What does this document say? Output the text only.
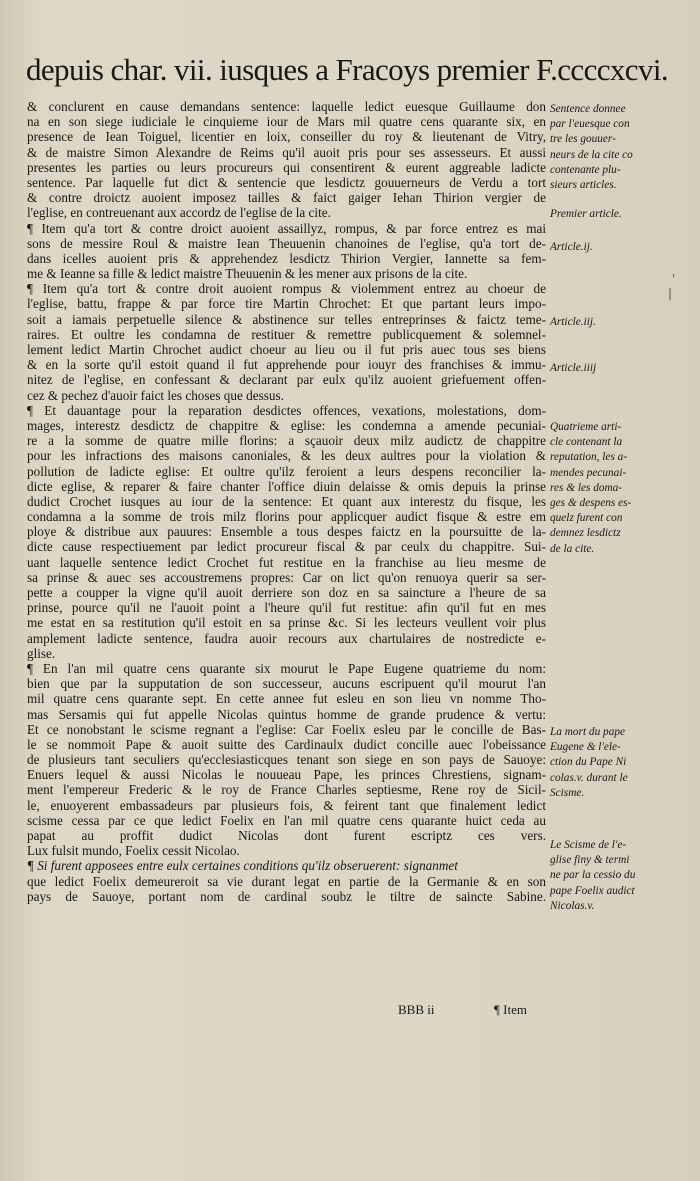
depuis char. vii. iusques a Fracoys premier F.ccccxcvi.
& conclurent en cause demandans sentence: laquelle ledict euesque Guillaume don
na en son siege iudiciale le cinquieme iour de Mars mil quatre cens quarante six, en
presence de Iean Toiguel, licentier en loix, conseiller du roy & lieutenant de Vitry,
& de maistre Simon Alexandre de Reims qu'il auoit pris pour ses assesseurs. Et aussi
presentes les parties ou leurs procureurs qui consentirent & eurent aggreable ladicte
sentence. Par laquelle fut dict & sentencie que lesdictz gouuerneurs de Verdu a tort
& contre droictz auoient imposez tailles & faict gaiger Iehan Thirion vergier de
l'eglise, en contreuenant aux accordz de l'eglise de la cite.
¶ Item qu'a tort & contre droict auoient assaillyz, rompus, & par force entrez es mai
sons de messire Roul & maistre Iean Theuuenin chanoines de l'eglise, qu'a tort de-
dans icelles auoient pris & apprehendez lesdictz Thirion Vergier, Iannette sa fem-
me & Ieanne sa fille & ledict maistre Theuuenin & les mener aux prisons de la cite.
¶ Item qu'a tort & contre droit auoient rompus & violemment entrez au choeur de
l'eglise, battu, frappe & par force tire Martin Chrochet: Et que partant leurs impo-
soit a iamais perpetuelle silence & abstinence sur telles entreprinses & faictz teme-
raires. Et oultre les condamna de restituer & remettre publicquement & solemnel-
lement ledict Martin Chrochet audict choeur au lieu ou il fut pris auec tous ses biens
& en la sorte qu'il estoit quand il fut apprehende pour iouyr des franchises & immu-
nitez de l'eglise, en confessant & declarant par eulx qu'ilz auoient griefuement offen-
cez & pechez d'auoir faict les choses que dessus.
¶ Et dauantage pour la reparation desdictes offences, vexations, molestations, dom-
mages, interestz desdictz de chappitre & eglise: les condemna a amende pecuniai-
re a la somme de quatre mille florins: a sçauoir deux milz audictz de chappitre
pour les infractions des maisons canoniales, & les deux aultres pour la violation &
pollution de ladicte eglise: Et oultre qu'ilz feroient a leurs despens reconcilier la-
dicte eglise, & reparer & faire chanter l'office diuin delaisse & omis depuis la prinse
dudict Crochet iusques au iour de la sentence: Et quant aux interestz du fisque, les
condamna a la somme de trois milz florins pour applicquer audict fisque & estre em
ploye & distribue aux pauures: Ensemble a tous despes faictz en la poursuitte de la-
dicte cause respectiuement par ledict procureur fiscal & par ceulx du chappitre. Sui-
uant laquelle sentence ledict Crochet fut restitue en la franchise au lieu mesme de
sa prinse & auec ses accoustremens propres: Car on lict qu'on renuoya querir sa ser-
pette a coupper la vigne qu'il auoit derriere son doz en sa saincture a l'heure de sa
prinse, pource qu'il ne l'auoit point a l'heure qu'il fut restitue: afin qu'il fut en mes
me estat en sa restitution qu'il estoit en sa prinse &c. Si les lecteurs veullent voir plus
amplement ladicte sentence, faudra auoir recours aux chartulaires de nostredicte e-
glise.
¶ En l'an mil quatre cens quarante six mourut le Pape Eugene quatrieme du nom:
bien que par la supputation de son successeur, aucuns escripuent qu'il mourut l'an
mil quatre cens quarante sept. En cette annee fut esleu en son lieu vn nomme Tho-
mas Sersamis qui fut appelle Nicolas quintus homme de grande prudence & vertu:
Et ce nonobstant le scisme regnant a l'eglise: Car Foelix esleu par le concille de Bas-
le se nommoit Pape & auoit suitte des Cardinaulx dudict concille auec l'obeissance
de plusieurs tant seculiers qu'ecclesiasticques tenant son siege en son pays de Sauoye:
Enuers lequel & aussi Nicolas le nouueau Pape, les princes Chrestiens, signam-
ment l'empereur Frederic & le roy de France Charles septiesme, Rene roy de Sicil-
le, enuoyerent embassadeurs par plusieurs fois, & feirent tant que finalement ledict
scisme cessa par ce que ledict Foelix en l'an mil quatre cens quarante huict ceda au
papat au proffit dudict Nicolas dont furent escriptz ces vers.
Lux fulsit mundo, Foelix cessit Nicolao.
¶ Si furent apposees entre eulx certaines conditions qu'ilz obseruerent: signanmet
que ledict Foelix demeureroit sa vie durant legat en partie de la Germanie & en son
pays de Sauoye, portant nom de cardinal soubz le tiltre de saincte Sabine.
Sentence donnee
par l'euesque con
tre les gouuer-
neurs de la cite co
contenante plu-
sieurs articles.
Premier article.
Article.ij.
Article.iij.
Article.iiij
Quatrieme arti-
cle contenant la
reputation, les a-
mendes pecunai-
res & les doma-
ges & despens es-
quelz furent con
demnez lesdictz
de la cite.
La mort du pape
Eugene & l'ele-
ction du Pape Ni
colas.v. durant le
Scisme.
Le Scisme de l'e-
glise finy & termi
ne par la cessio du
pape Foelix audict
Nicolas.v.
BBB ii	¶ Item
'
|
